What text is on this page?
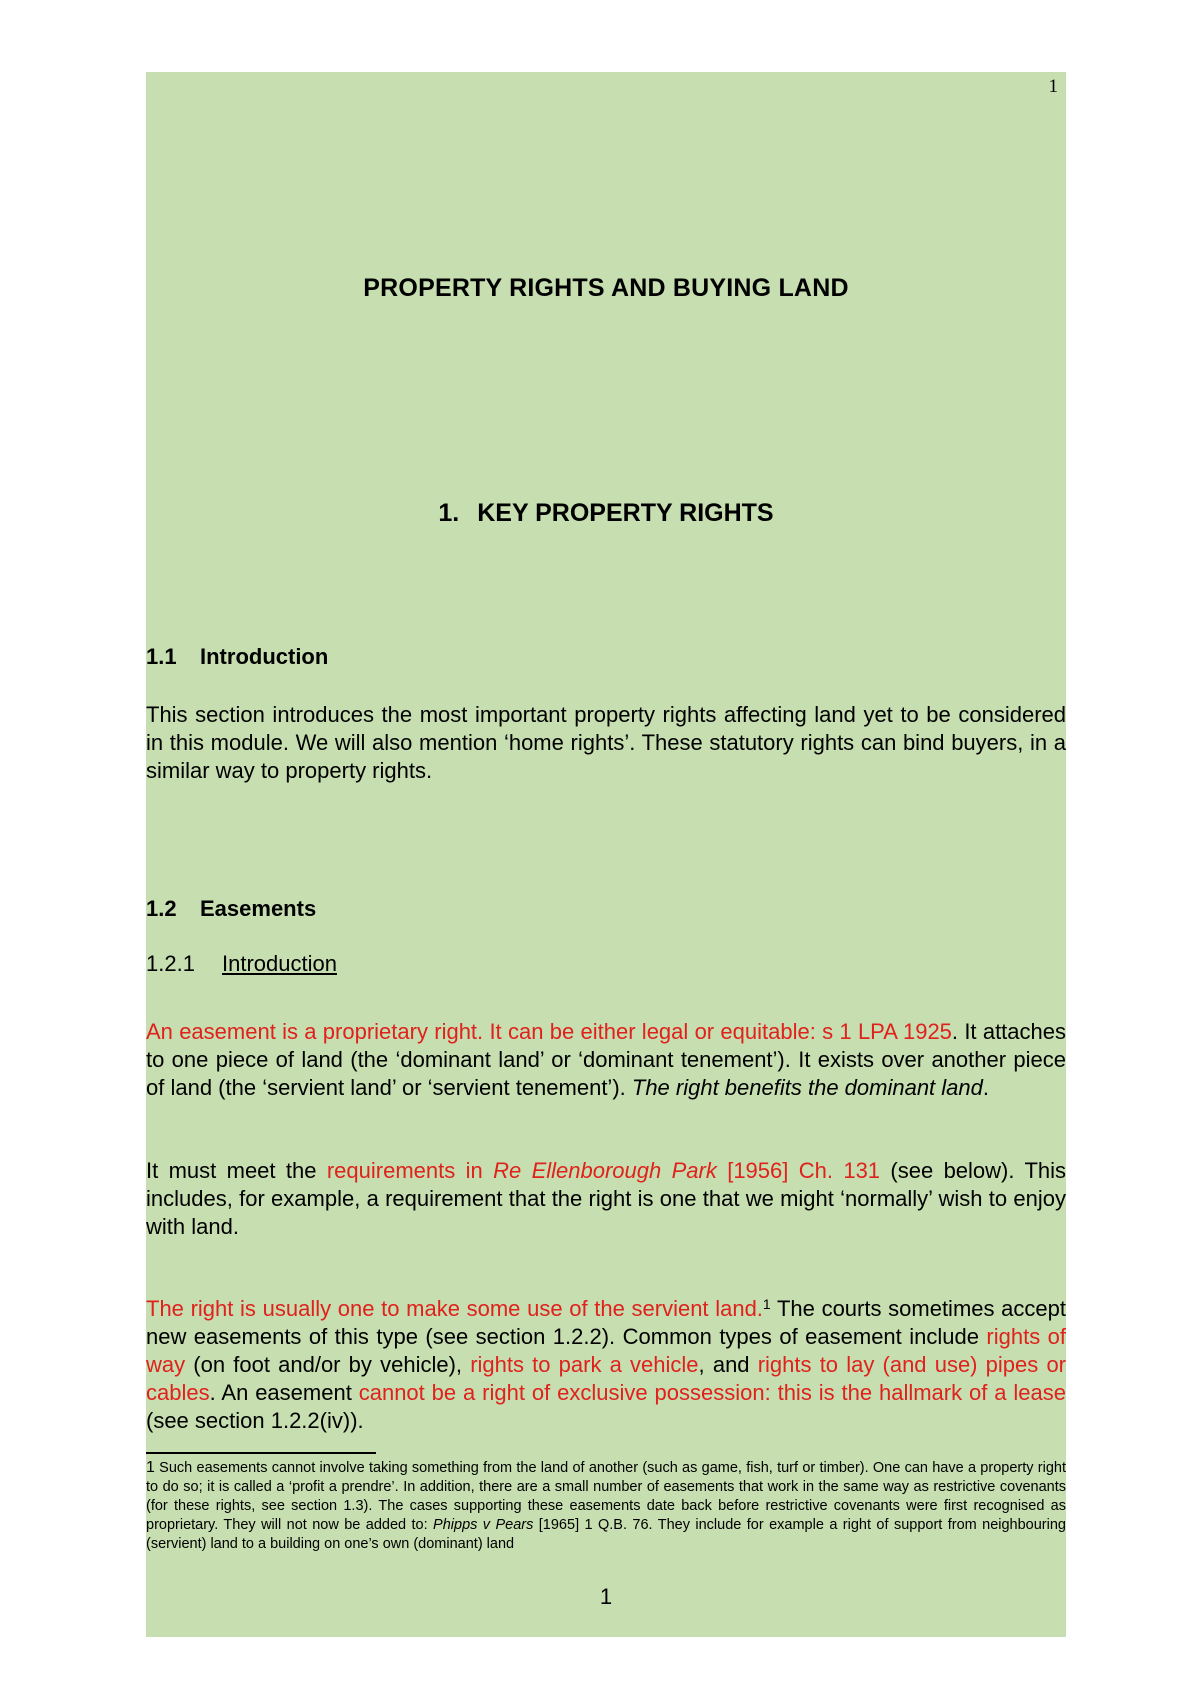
1
PROPERTY RIGHTS AND BUYING LAND
1. KEY PROPERTY RIGHTS
1.1 Introduction
This section introduces the most important property rights affecting land yet to be considered in this module. We will also mention ‘home rights’. These statutory rights can bind buyers, in a similar way to property rights.
1.2 Easements
1.2.1 Introduction
An easement is a proprietary right. It can be either legal or equitable: s 1 LPA 1925. It attaches to one piece of land (the ‘dominant land’ or ‘dominant tenement’). It exists over another piece of land (the ‘servient land’ or ‘servient tenement’). The right benefits the dominant land.
It must meet the requirements in Re Ellenborough Park [1956] Ch. 131 (see below). This includes, for example, a requirement that the right is one that we might ‘normally’ wish to enjoy with land.
The right is usually one to make some use of the servient land.$^1$ The courts sometimes accept new easements of this type (see section 1.2.2). Common types of easement include rights of way (on foot and/or by vehicle), rights to park a vehicle, and rights to lay (and use) pipes or cables. An easement cannot be a right of exclusive possession: this is the hallmark of a lease (see section 1.2.2(iv)).
1 Such easements cannot involve taking something from the land of another (such as game, fish, turf or timber). One can have a property right to do so; it is called a ‘profit a prendre’. In addition, there are a small number of easements that work in the same way as restrictive covenants (for these rights, see section 1.3). The cases supporting these easements date back before restrictive covenants were first recognised as proprietary. They will not now be added to: Phipps v Pears [1965] 1 Q.B. 76. They include for example a right of support from neighbouring (servient) land to a building on one’s own (dominant) land
1
